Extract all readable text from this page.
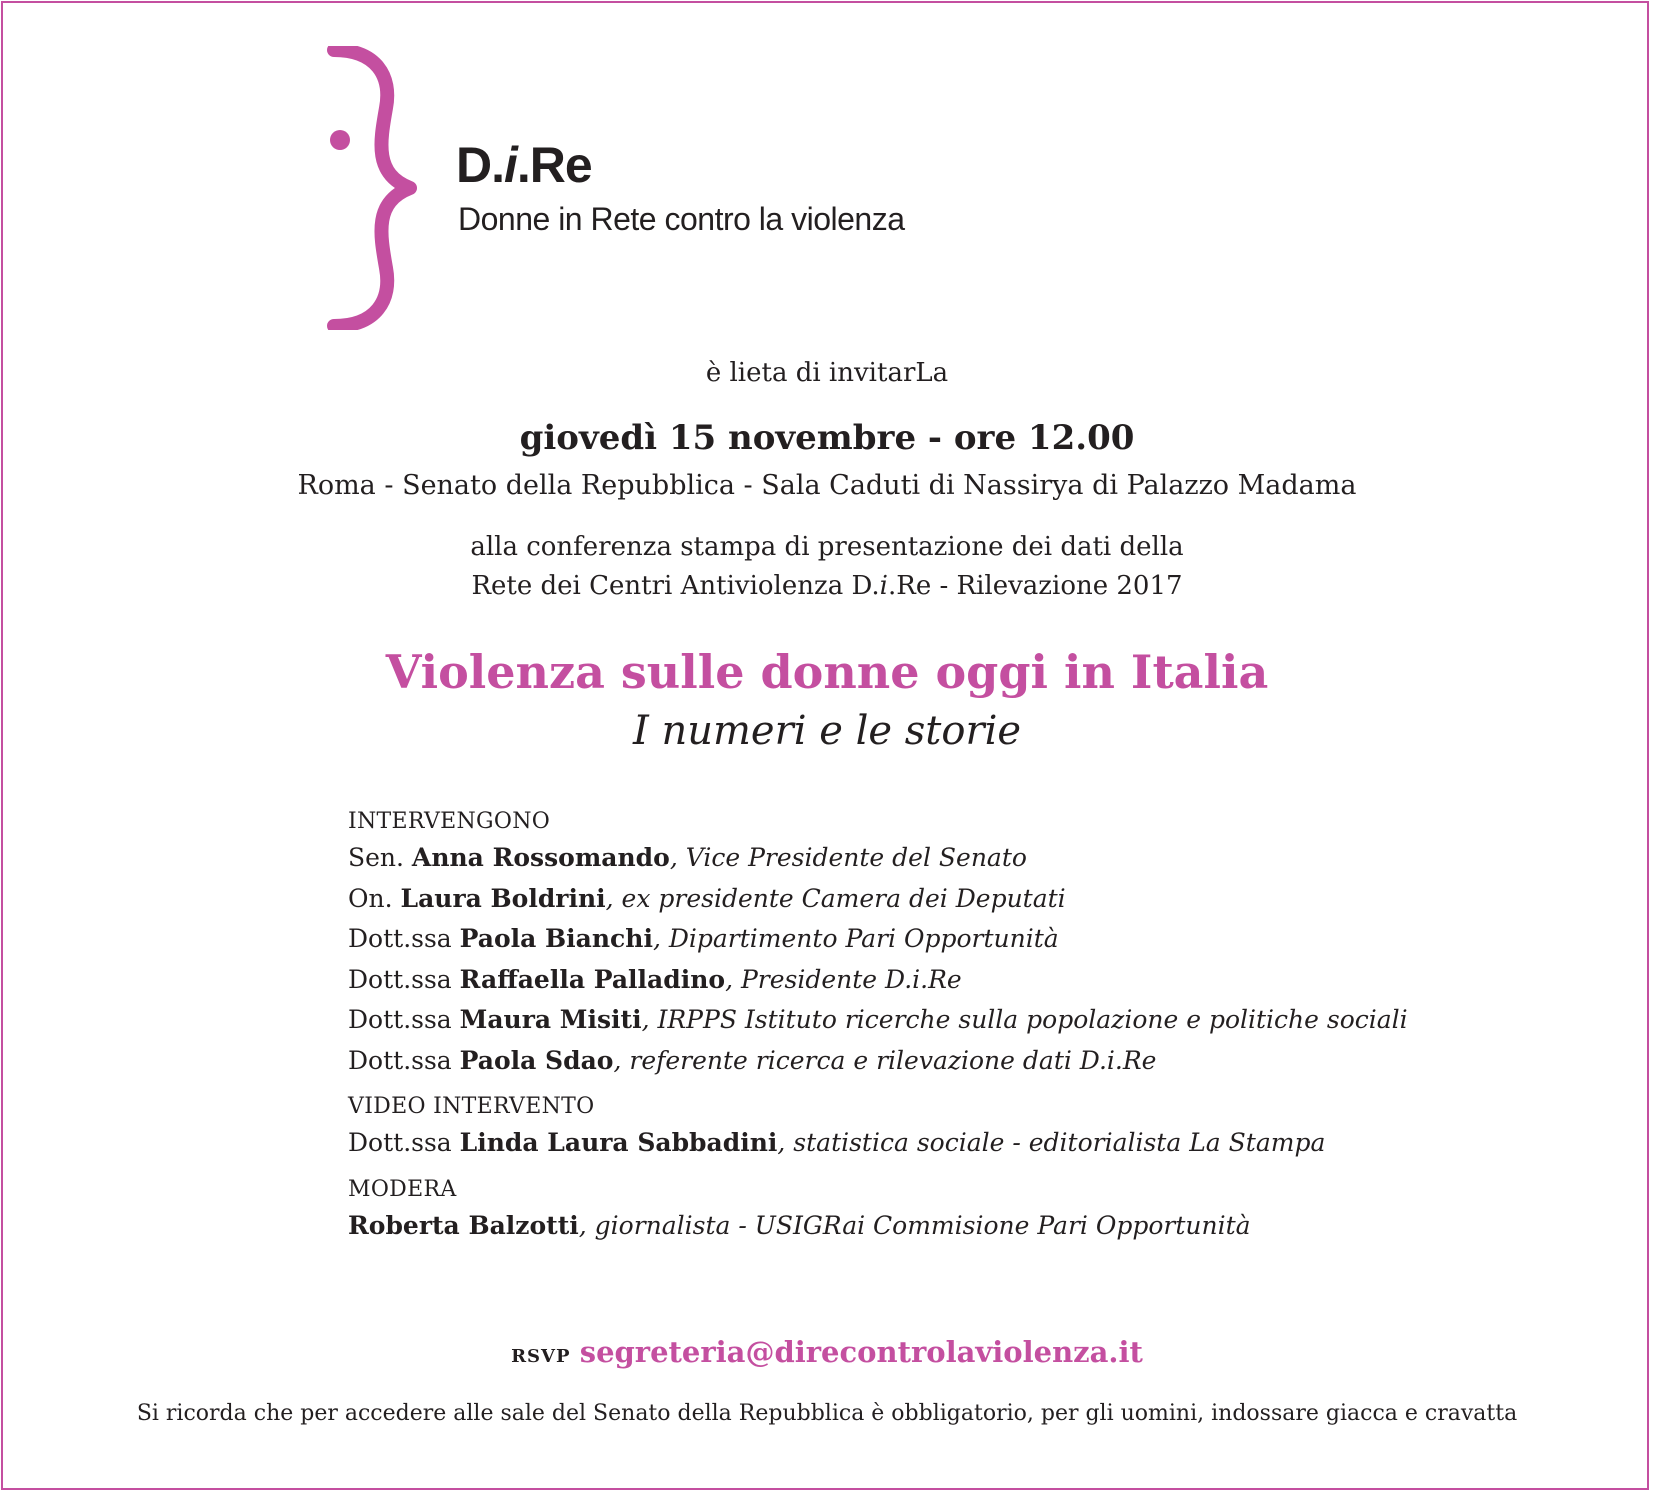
D.i.Re

Donne in Rete contro la violenza

è lieta di invitarLa

giovedì 15 novembre - ore 12.00

Roma - Senato della Repubblica - Sala Caduti di Nassirya di Palazzo Madama

alla conferenza stampa di presentazione dei dati della

Rete dei Centri Antiviolenza D.i.Re - Rilevazione 2017

Violenza sulle donne oggi in Italia

I numeri e le storie

INTERVENGONO
Sen. Anna Rossomando, Vice Presidente del Senato
On. Laura Boldrini, ex presidente Camera dei Deputati
Dott.ssa Paola Bianchi, Dipartimento Pari Opportunità
Dott.ssa Raffaella Palladino, Presidente D.i.Re
Dott.ssa Maura Misiti, IRPPS Istituto ricerche sulla popolazione e politiche sociali
Dott.ssa Paola Sdao, referente ricerca e rilevazione dati D.i.Re
VIDEO INTERVENTO
Dott.ssa Linda Laura Sabbadini, statistica sociale - editorialista La Stampa
MODERA
Roberta Balzotti, giornalista - USIGRai Commisione Pari Opportunità

RSVP segreteria@direcontrolaviolenza.it

Si ricorda che per accedere alle sale del Senato della Repubblica è obbligatorio, per gli uomini, indossare giacca e cravatta
